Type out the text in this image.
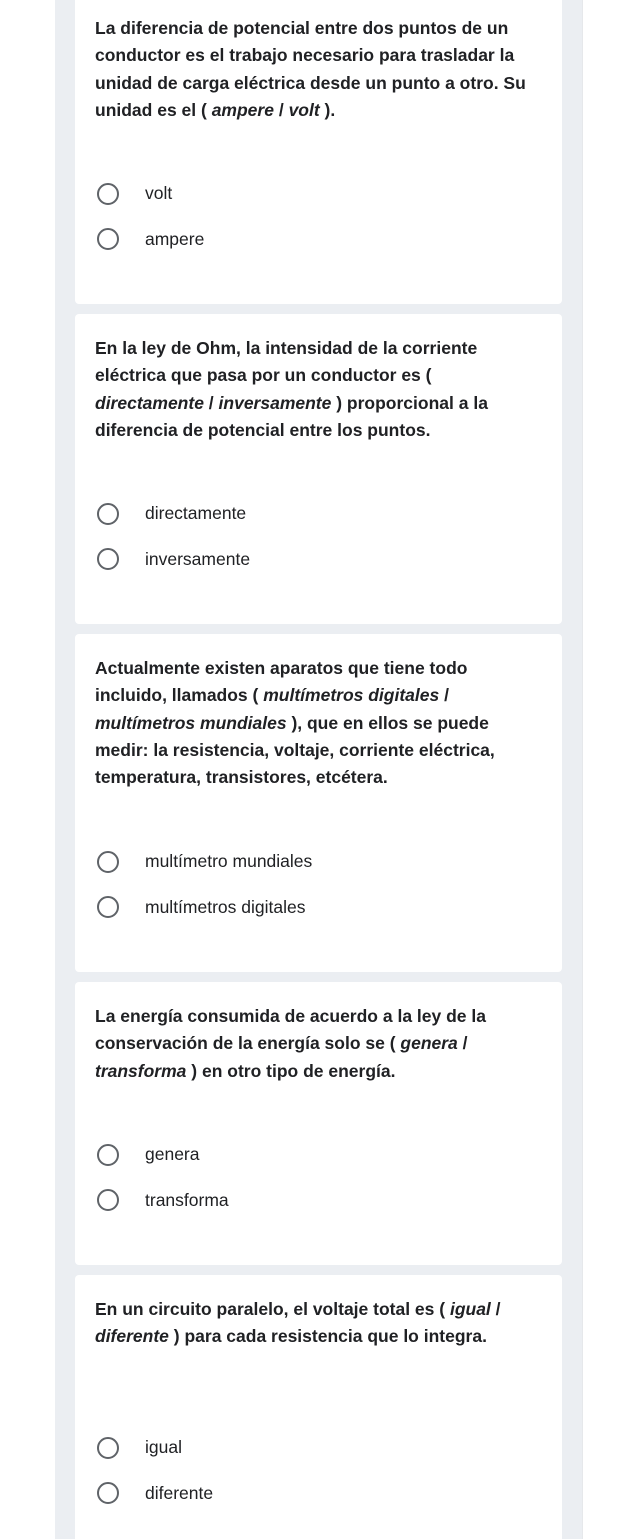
La diferencia de potencial entre dos puntos de un conductor es el trabajo necesario para trasladar la unidad de carga eléctrica desde un punto a otro. Su unidad es el ( ampere / volt ).

volt
ampere

En la ley de Ohm, la intensidad de la corriente eléctrica que pasa por un conductor es ( directamente / inversamente ) proporcional a la diferencia de potencial entre los puntos.

directamente
inversamente

Actualmente existen aparatos que tiene todo incluido, llamados ( multímetros digitales / multímetros mundiales ), que en ellos se puede medir: la resistencia, voltaje, corriente eléctrica, temperatura, transistores, etcétera.

multímetro mundiales
multímetros digitales

La energía consumida de acuerdo a la ley de la conservación de la energía solo se ( genera / transforma ) en otro tipo de energía.

genera
transforma

En un circuito paralelo, el voltaje total es ( igual / diferente ) para cada resistencia que lo integra.

igual
diferente
